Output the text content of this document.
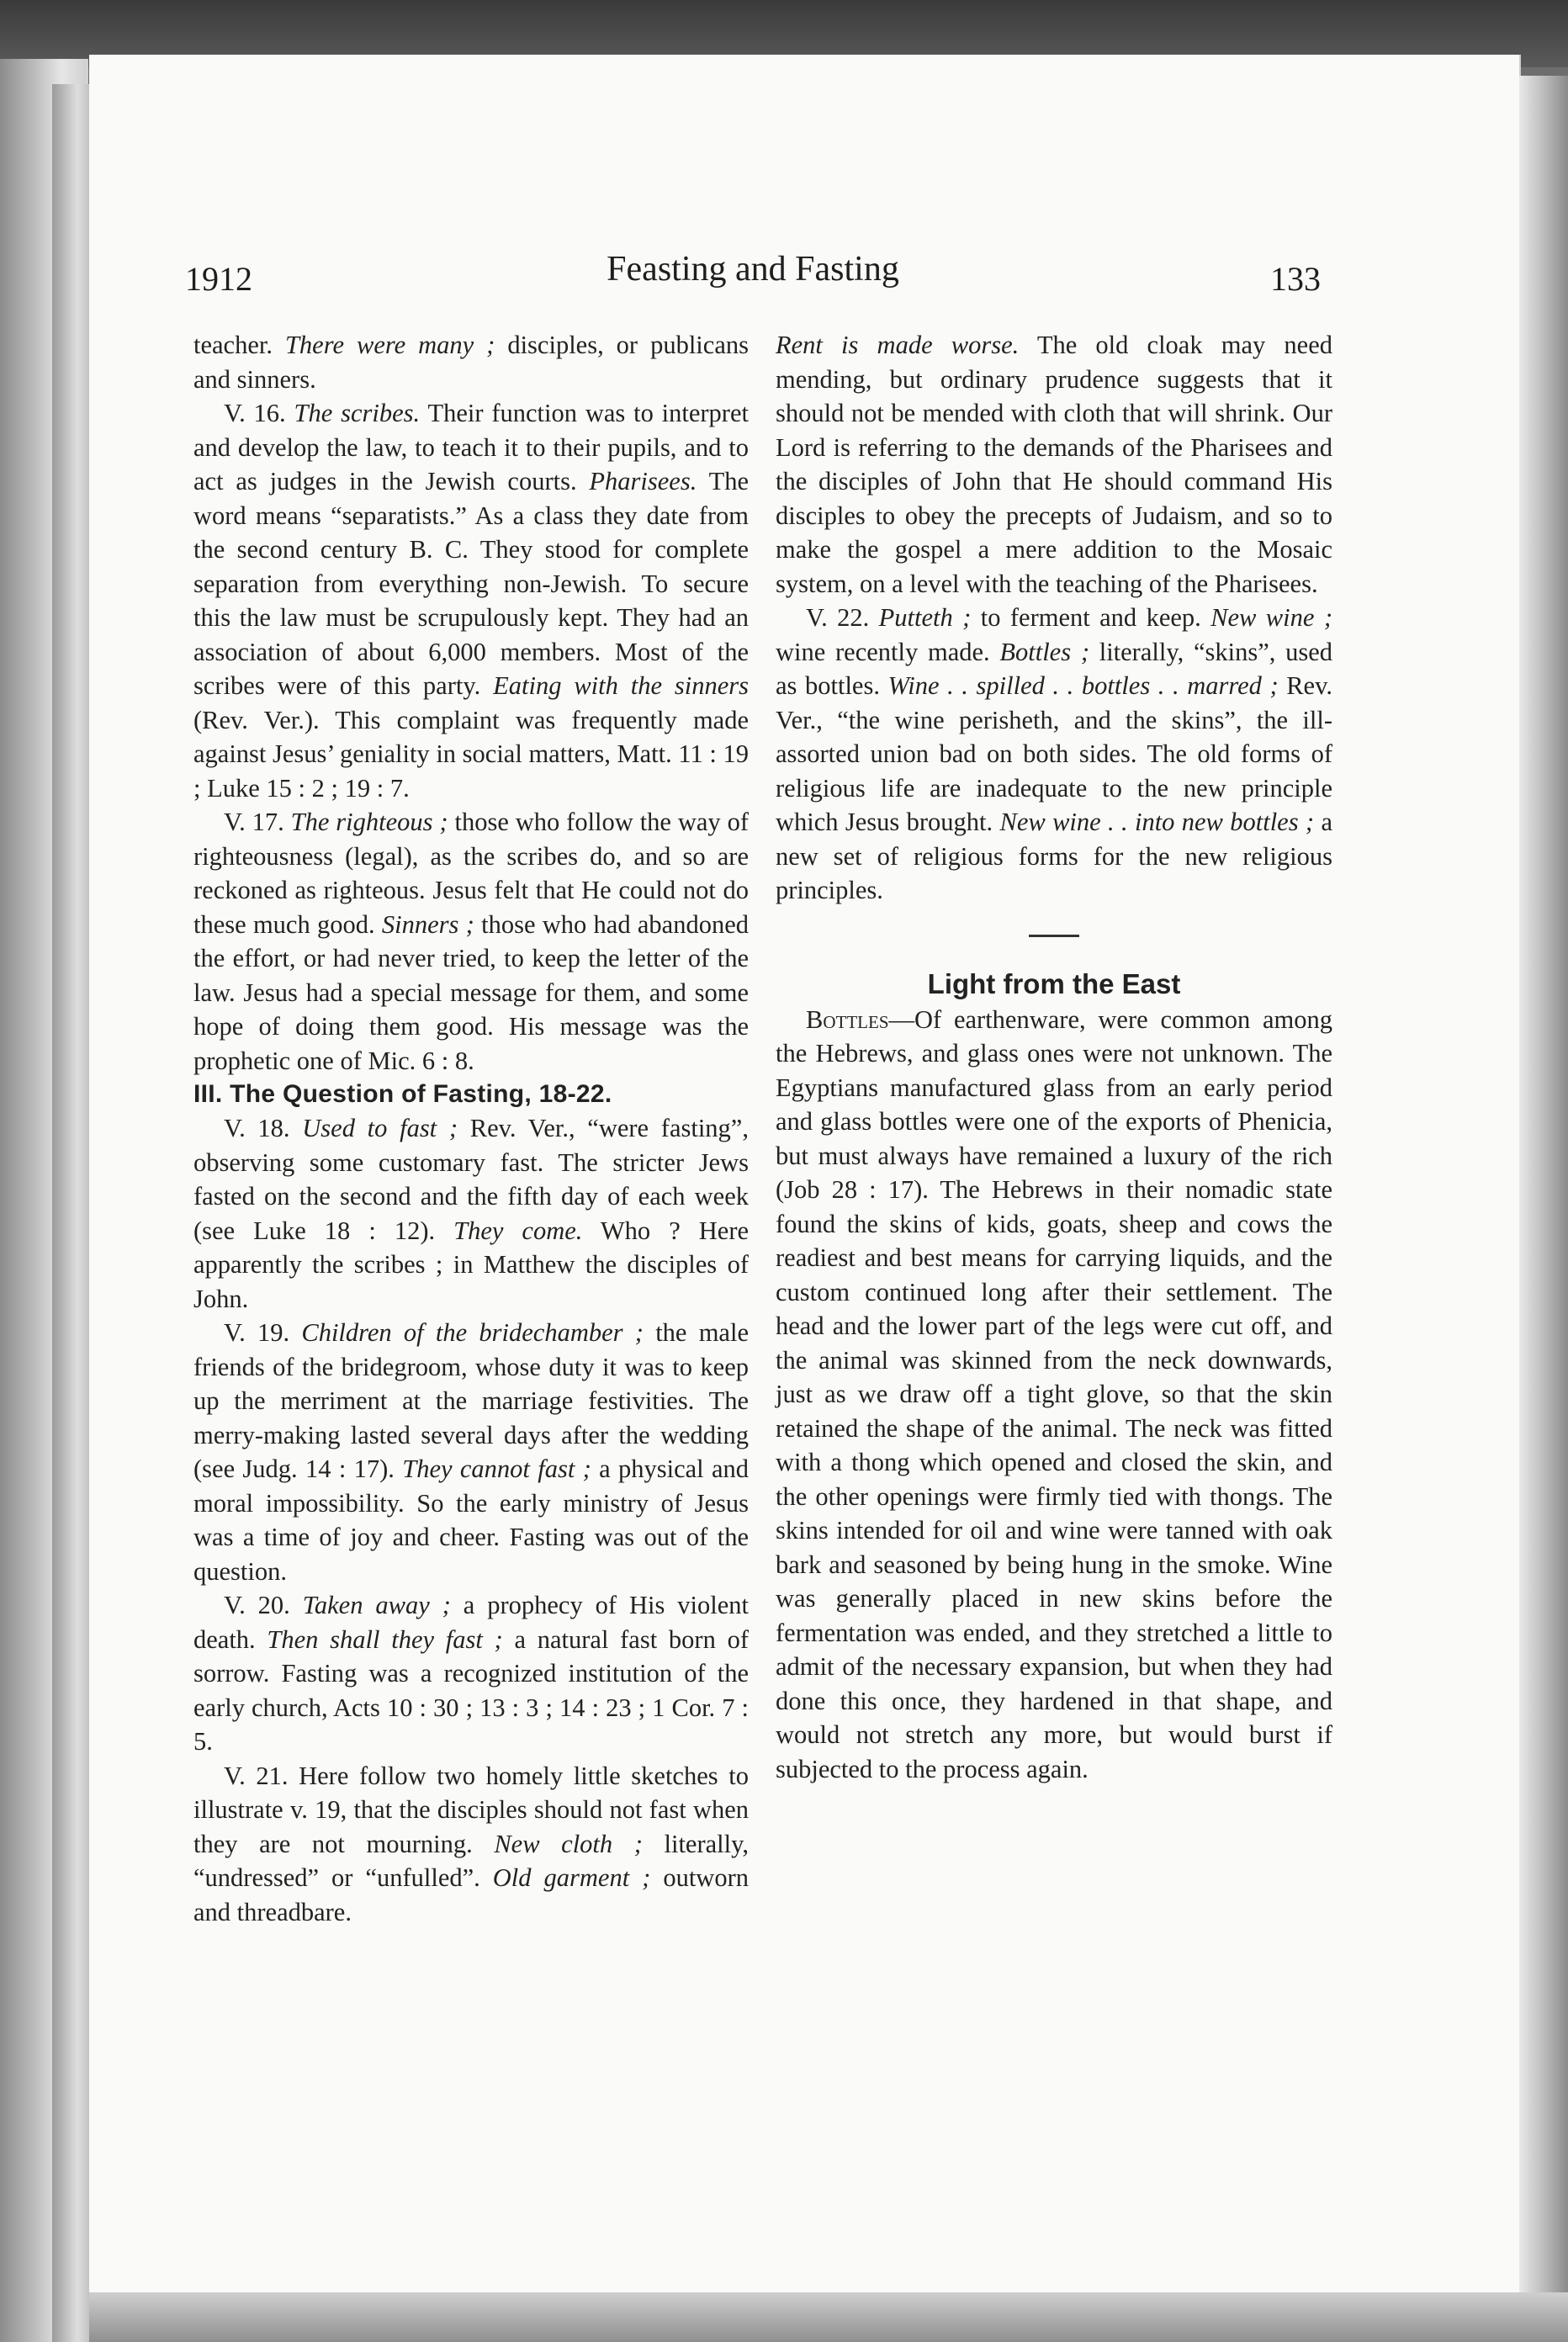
1912	Feasting and Fasting	133

teacher. There were many ; disciples, or publicans and sinners.

V. 16. The scribes. Their function was to interpret and develop the law, to teach it to their pupils, and to act as judges in the Jewish courts. Pharisees. The word means “separatists.” As a class they date from the second century B. C. They stood for complete separation from everything non-Jewish. To secure this the law must be scrupulously kept. They had an association of about 6,000 members. Most of the scribes were of this party. Eating with the sinners (Rev. Ver.). This complaint was frequently made against Jesus’ geniality in social matters, Matt. 11 : 19 ; Luke 15 : 2 ; 19 : 7.

V. 17. The righteous ; those who follow the way of righteousness (legal), as the scribes do, and so are reckoned as righteous. Jesus felt that He could not do these much good. Sinners ; those who had abandoned the effort, or had never tried, to keep the letter of the law. Jesus had a special message for them, and some hope of doing them good. His message was the prophetic one of Mic. 6 : 8.

III. The Question of Fasting, 18-22.

V. 18. Used to fast ; Rev. Ver., “were fasting”, observing some customary fast. The stricter Jews fasted on the second and the fifth day of each week (see Luke 18 : 12). They come. Who ? Here apparently the scribes ; in Matthew the disciples of John.

V. 19. Children of the bridechamber ; the male friends of the bridegroom, whose duty it was to keep up the merriment at the marriage festivities. The merry-making lasted several days after the wedding (see Judg. 14 : 17). They cannot fast ; a physical and moral impossibility. So the early ministry of Jesus was a time of joy and cheer. Fasting was out of the question.

V. 20. Taken away ; a prophecy of His violent death. Then shall they fast ; a natural fast born of sorrow. Fasting was a recognized institution of the early church, Acts 10 : 30 ; 13 : 3 ; 14 : 23 ; 1 Cor. 7 : 5.

V. 21. Here follow two homely little sketches to illustrate v. 19, that the disciples should not fast when they are not mourning. New cloth ; literally, “undressed” or “unfulled”. Old garment ; outworn and threadbare.

Rent is made worse. The old cloak may need mending, but ordinary prudence suggests that it should not be mended with cloth that will shrink. Our Lord is referring to the demands of the Pharisees and the disciples of John that He should command His disciples to obey the precepts of Judaism, and so to make the gospel a mere addition to the Mosaic system, on a level with the teaching of the Pharisees.

V. 22. Putteth ; to ferment and keep. New wine ; wine recently made. Bottles ; literally, “skins”, used as bottles. Wine . . spilled . . bottles . . marred ; Rev. Ver., “the wine perisheth, and the skins”, the ill-assorted union bad on both sides. The old forms of religious life are inadequate to the new principle which Jesus brought. New wine . . into new bottles ; a new set of religious forms for the new religious principles.

Light from the East

Bottles—Of earthenware, were common among the Hebrews, and glass ones were not unknown. The Egyptians manufactured glass from an early period and glass bottles were one of the exports of Phenicia, but must always have remained a luxury of the rich (Job 28 : 17). The Hebrews in their nomadic state found the skins of kids, goats, sheep and cows the readiest and best means for carrying liquids, and the custom continued long after their settlement. The head and the lower part of the legs were cut off, and the animal was skinned from the neck downwards, just as we draw off a tight glove, so that the skin retained the shape of the animal. The neck was fitted with a thong which opened and closed the skin, and the other openings were firmly tied with thongs. The skins intended for oil and wine were tanned with oak bark and seasoned by being hung in the smoke. Wine was generally placed in new skins before the fermentation was ended, and they stretched a little to admit of the necessary expansion, but when they had done this once, they hardened in that shape, and would not stretch any more, but would burst if subjected to the process again.
